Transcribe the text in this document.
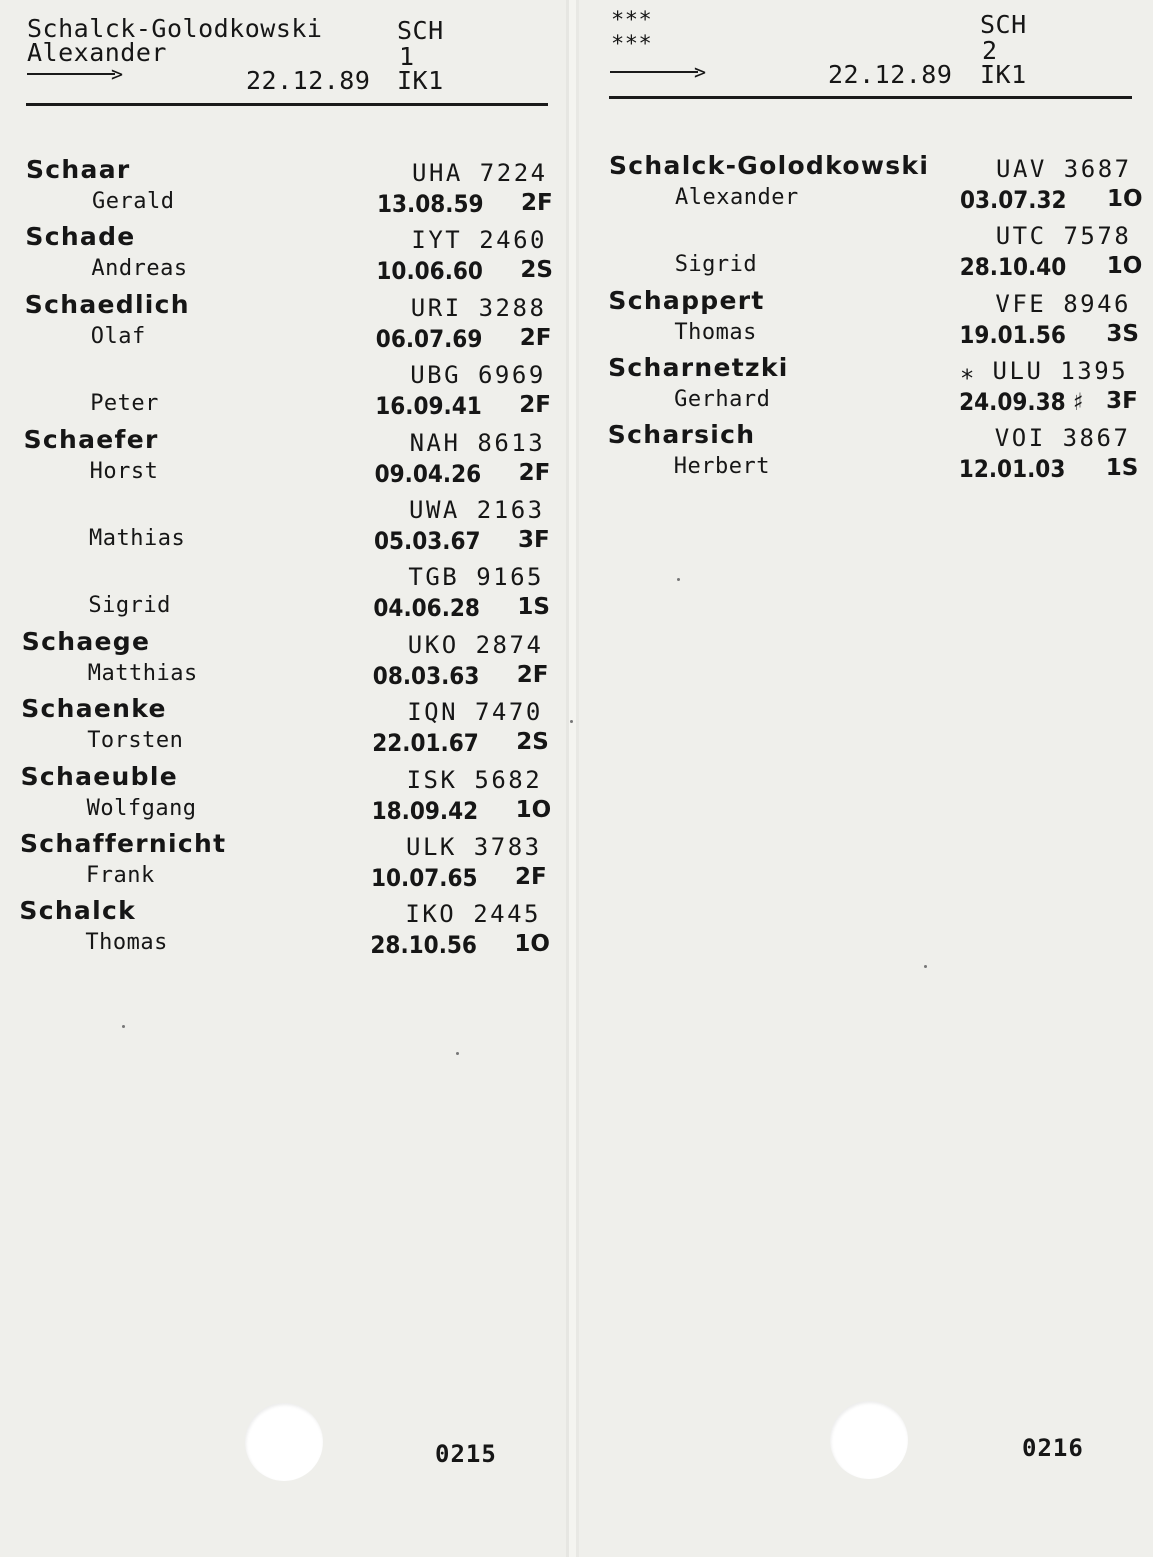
Schalck-Golodkowski
Alexander
SCH
1
>	22.12.89 IK1
Schaar	UHA 7224
Gerald	13.08.59 2F
Schade	IYT 2460
Andreas	10.06.60 2S
Schaedlich	URI 3288
Olaf	06.07.69 2F
UBG 6969
Peter	16.09.41 2F
Schaefer	NAH 8613
Horst	09.04.26 2F
UWA 2163
Mathias	05.03.67 3F
TGB 9165
Sigrid	04.06.28 1S
Schaege	UKO 2874
Matthias	08.03.63 2F
Schaenke	IQN 7470
Torsten	22.01.67 2S
Schaeuble	ISK 5682
Wolfgang	18.09.42 1O
Schaffernicht	ULK 3783
Frank	10.07.65 2F
Schalck	IKO 2445
Thomas	28.10.56 1O
0215
***
***
SCH
2
>	22.12.89 IK1
Schalck-Golodkowski	UAV 3687
Alexander	03.07.32 1O
UTC 7578
Sigrid	28.10.40 1O
Schappert	VFE 8946
Thomas	19.01.56 3S
Scharnetzki	⁎ ULU 1395
Gerhard	24.09.38 ♯ 3F
Scharsich	VOI 3867
Herbert	12.01.03 1S
0216
